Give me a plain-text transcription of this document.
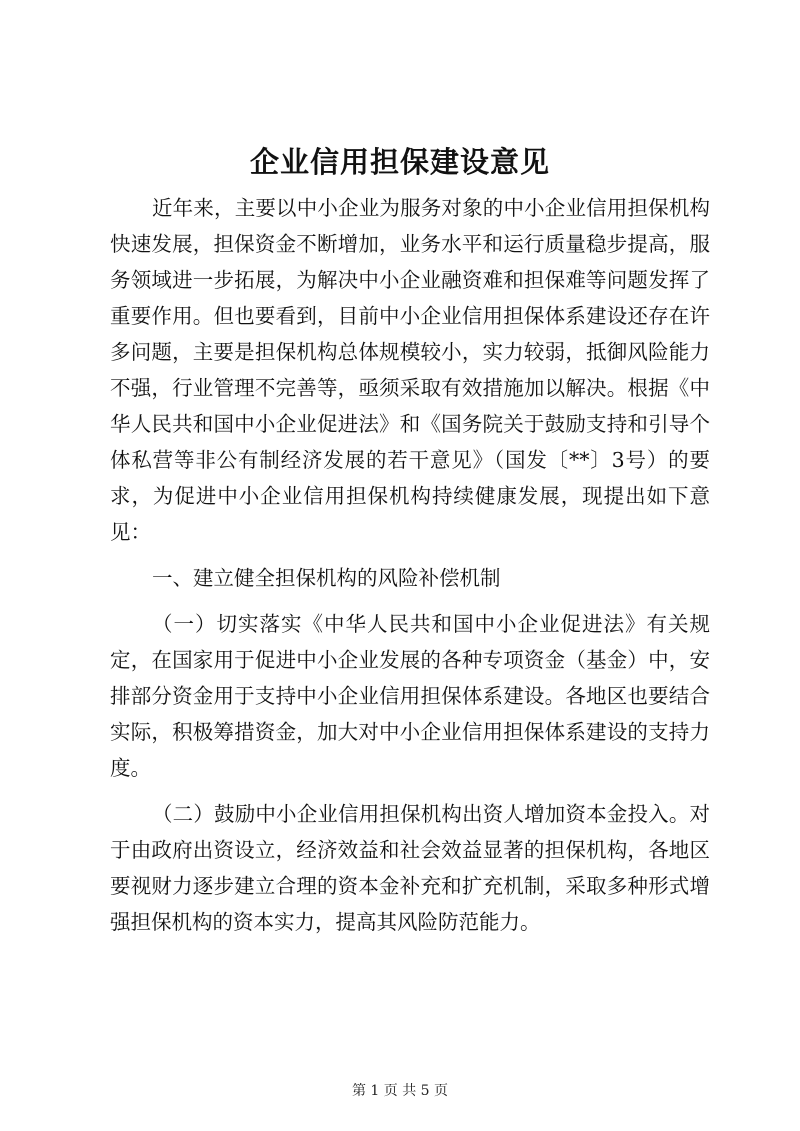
企业信用担保建设意见

近年来，主要以中小企业为服务对象的中小企业信用担保机构快速发展，担保资金不断增加，业务水平和运行质量稳步提高，服务领域进一步拓展，为解决中小企业融资难和担保难等问题发挥了重要作用。但也要看到，目前中小企业信用担保体系建设还存在许多问题，主要是担保机构总体规模较小，实力较弱，抵御风险能力不强，行业管理不完善等，亟须采取有效措施加以解决。根据《中华人民共和国中小企业促进法》和《国务院关于鼓励支持和引导个体私营等非公有制经济发展的若干意见》（国发〔**〕3号）的要求，为促进中小企业信用担保机构持续健康发展，现提出如下意见：

一、建立健全担保机构的风险补偿机制

（一）切实落实《中华人民共和国中小企业促进法》有关规定，在国家用于促进中小企业发展的各种专项资金（基金）中，安排部分资金用于支持中小企业信用担保体系建设。各地区也要结合实际，积极筹措资金，加大对中小企业信用担保体系建设的支持力度。

（二）鼓励中小企业信用担保机构出资人增加资本金投入。对于由政府出资设立，经济效益和社会效益显著的担保机构，各地区要视财力逐步建立合理的资本金补充和扩充机制，采取多种形式增强担保机构的资本实力，提高其风险防范能力。

第 1 页 共 5 页
